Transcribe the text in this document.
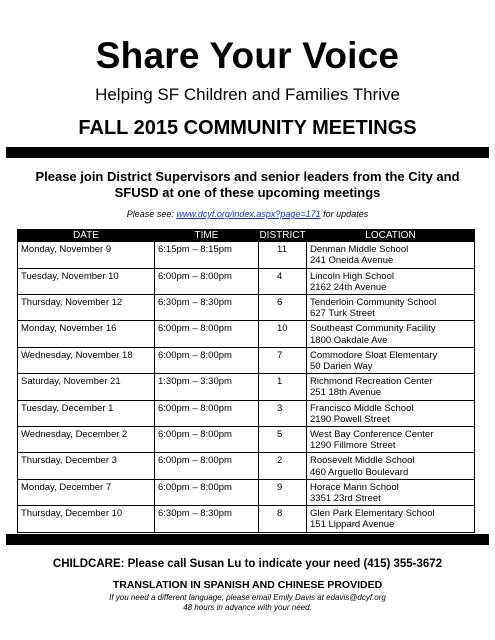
Share Your Voice
Helping SF Children and Families Thrive
FALL 2015 COMMUNITY MEETINGS
Please join District Supervisors and senior leaders from the City and
SFUSD at one of these upcoming meetings
Please see: www.dcyf.org/index.aspx?page=171 for updates
DATE	TIME	DISTRICT	LOCATION
Monday, November 9	6:15pm – 8:15pm	11	Denman Middle School
241 Oneida Avenue
Tuesday, November 10	6:00pm – 8:00pm	4	Lincoln High School
2162 24th Avenue
Thursday, November 12	6:30pm – 8:30pm	6	Tenderloin Community School
627 Turk Street
Monday, November 16	6:00pm – 8:00pm	10	Southeast Community Facility
1800 Oakdale Ave
Wednesday, November 18	6:00pm – 8:00pm	7	Commodore Sloat Elementary
50 Darien Way
Saturday, November 21	1:30pm – 3:30pm	1	Richmond Recreation Center
251 18th Avenue
Tuesday, December 1	6:00pm – 8:00pm	3	Francisco Middle School
2190 Powell Street
Wednesday, December 2	6:00pm – 8:00pm	5	West Bay Conference Center
1290 Fillmore Street
Thursday, December 3	6:00pm – 8:00pm	2	Roosevelt Middle School
460 Arguello Boulevard
Monday, December 7	6:00pm – 8:00pm	9	Horace Mann School
3351 23rd Street
Thursday, December 10	6:30pm – 8:30pm	8	Glen Park Elementary School
151 Lippard Avenue
CHILDCARE: Please call Susan Lu to indicate your need (415) 355-3672
TRANSLATION IN SPANISH AND CHINESE PROVIDED
If you need a different language, please email Emily Davis at edavis@dcyf.org
48 hours in advance with your need.
